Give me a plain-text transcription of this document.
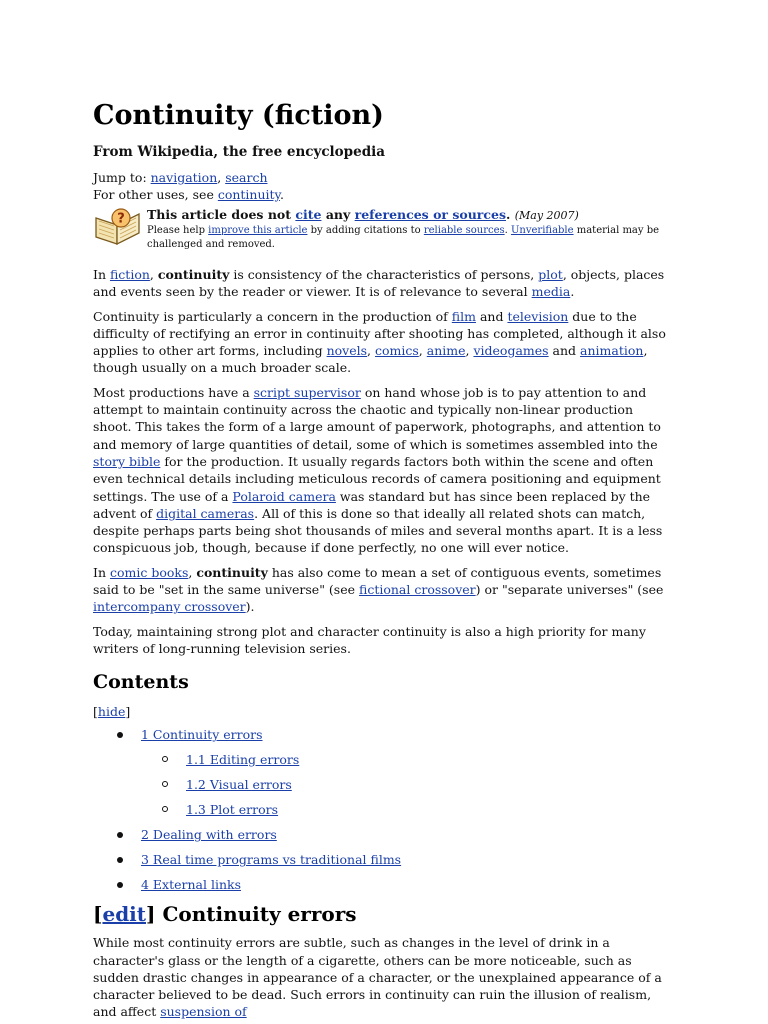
Continuity (fiction)
From Wikipedia, the free encyclopedia
Jump to: navigation, search
For other uses, see continuity.
? This article does not cite any references or sources. (May 2007)
Please help improve this article by adding citations to reliable sources. Unverifiable material may be challenged and removed.

In fiction, continuity is consistency of the characteristics of persons, plot, objects, places and events seen by the reader or viewer. It is of relevance to several media.

Continuity is particularly a concern in the production of film and television due to the difficulty of rectifying an error in continuity after shooting has completed, although it also applies to other art forms, including novels, comics, anime, videogames and animation, though usually on a much broader scale.

Most productions have a script supervisor on hand whose job is to pay attention to and attempt to maintain continuity across the chaotic and typically non-linear production shoot. This takes the form of a large amount of paperwork, photographs, and attention to and memory of large quantities of detail, some of which is sometimes assembled into the story bible for the production. It usually regards factors both within the scene and often even technical details including meticulous records of camera positioning and equipment settings. The use of a Polaroid camera was standard but has since been replaced by the advent of digital cameras. All of this is done so that ideally all related shots can match, despite perhaps parts being shot thousands of miles and several months apart. It is a less conspicuous job, though, because if done perfectly, no one will ever notice.

In comic books, continuity has also come to mean a set of contiguous events, sometimes said to be "set in the same universe" (see fictional crossover) or "separate universes" (see intercompany crossover).

Today, maintaining strong plot and character continuity is also a high priority for many writers of long-running television series.

Contents
[hide]
1 Continuity errors
1.1 Editing errors
1.2 Visual errors
1.3 Plot errors
2 Dealing with errors
3 Real time programs vs traditional films
4 External links
[edit] Continuity errors

While most continuity errors are subtle, such as changes in the level of drink in a character's glass or the length of a cigarette, others can be more noticeable, such as sudden drastic changes in appearance of a character, or the unexplained appearance of a character believed to be dead. Such errors in continuity can ruin the illusion of realism, and affect suspension of
